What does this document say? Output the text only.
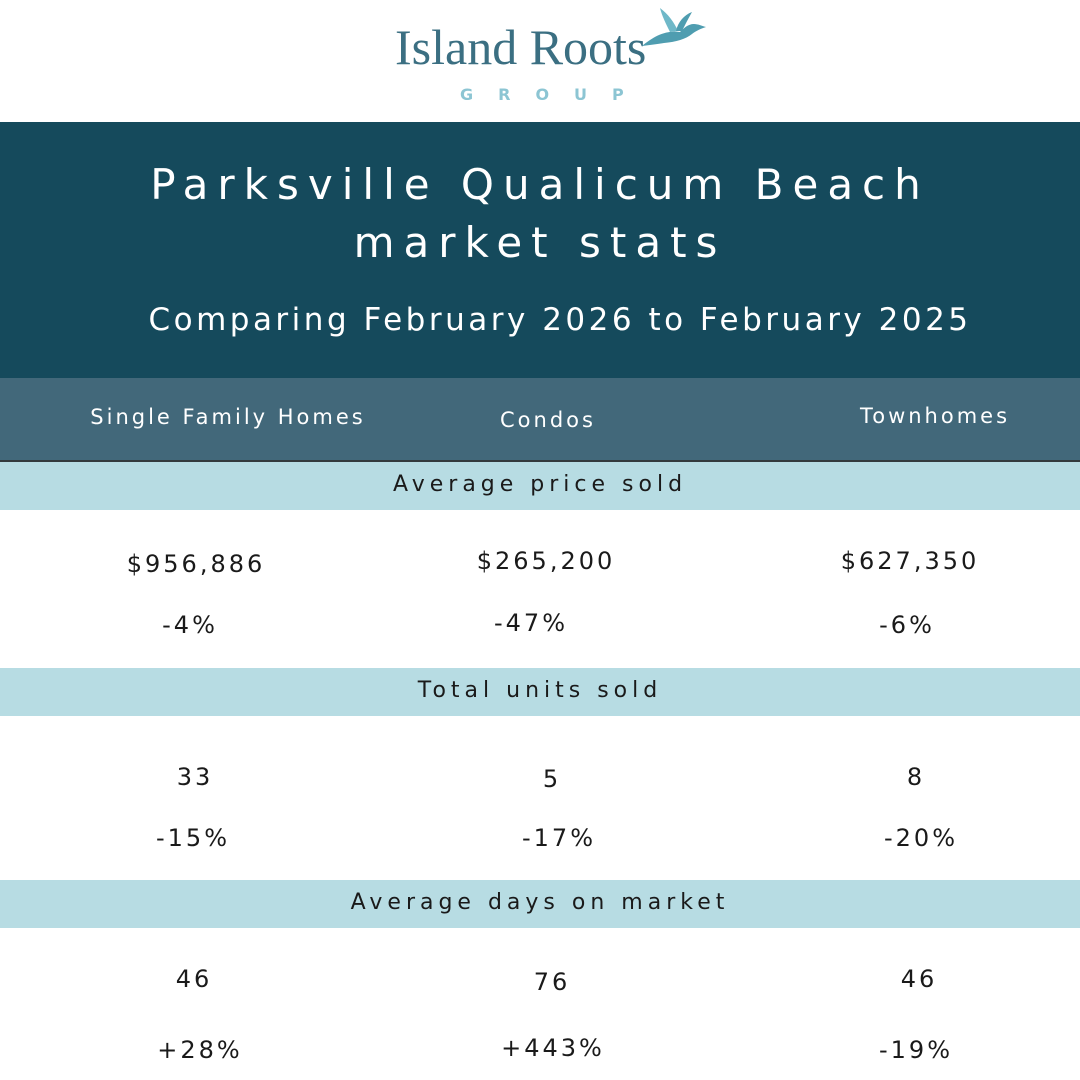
Island Roots
GROUP
Parksville Qualicum Beach
market stats
Comparing February 2026 to February 2025
Single Family Homes	Condos	Townhomes
Average price sold
$956,886	$265,200	$627,350
-4%	-47%	-6%
Total units sold
33	5	8
-15%	-17%	-20%
Average days on market
46	76	46
+28%	+443%	-19%
